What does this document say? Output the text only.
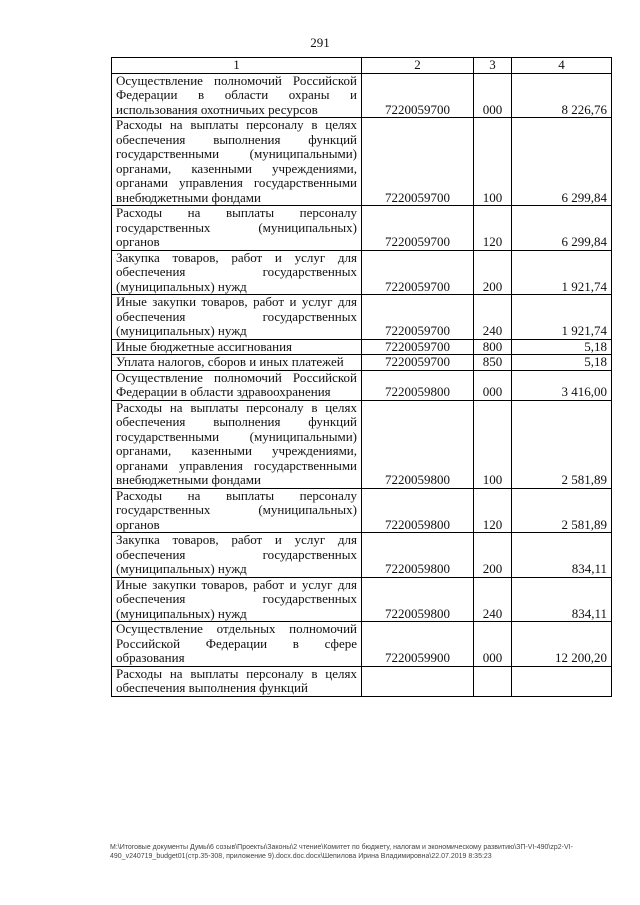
291
1	2	3	4
Осуществление полномочий Российской Федерации в области охраны и использования охотничьих ресурсов	7220059700	000	8 226,76
Расходы на выплаты персоналу в целях обеспечения выполнения функций государственными (муниципальными) органами, казенными учреждениями, органами управления государственными внебюджетными фондами	7220059700	100	6 299,84
Расходы на выплаты персоналу государственных (муниципальных) органов	7220059700	120	6 299,84
Закупка товаров, работ и услуг для обеспечения государственных (муниципальных) нужд	7220059700	200	1 921,74
Иные закупки товаров, работ и услуг для обеспечения государственных (муниципальных) нужд	7220059700	240	1 921,74
Иные бюджетные ассигнования	7220059700	800	5,18
Уплата налогов, сборов и иных платежей	7220059700	850	5,18
Осуществление полномочий Российской Федерации в области здравоохранения	7220059800	000	3 416,00
Расходы на выплаты персоналу в целях обеспечения выполнения функций государственными (муниципальными) органами, казенными учреждениями, органами управления государственными внебюджетными фондами	7220059800	100	2 581,89
Расходы на выплаты персоналу государственных (муниципальных) органов	7220059800	120	2 581,89
Закупка товаров, работ и услуг для обеспечения государственных (муниципальных) нужд	7220059800	200	834,11
Иные закупки товаров, работ и услуг для обеспечения государственных (муниципальных) нужд	7220059800	240	834,11
Осуществление отдельных полномочий Российской Федерации в сфере образования	7220059900	000	12 200,20
Расходы на выплаты персоналу в целях обеспечения выполнения функций			
M:\Итоговые документы Думы\6 созыв\Проекты\Законы\2 чтение\Комитет по бюджету, налогам и экономическому развитию\ЗП-VI-490\zp2-VI-490_v240719_budget01(стр.35-308, приложение 9).docx.doc.docx\Шепилова Ирина Владимировна\22.07.2019 8:35:23
